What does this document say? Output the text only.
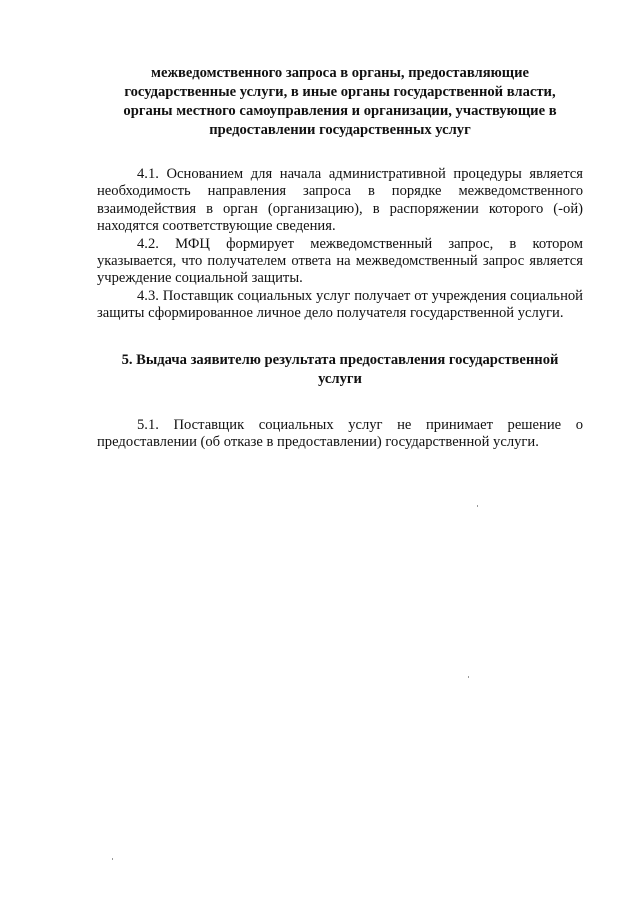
межведомственного запроса в органы, предоставляющие
государственные услуги, в иные органы государственной власти,
органы местного самоуправления и организации, участвующие в
предоставлении государственных услуг

4.1. Основанием для начала административной процедуры является необходимость направления запроса в порядке межведомственного взаимодействия в орган (организацию), в распоряжении которого (-ой) находятся соответствующие сведения.

4.2. МФЦ формирует межведомственный запрос, в котором указывается, что получателем ответа на межведомственный запрос является учреждение социальной защиты.

4.3. Поставщик социальных услуг получает от учреждения социальной защиты сформированное личное дело получателя государственной услуги.

5. Выдача заявителю результата предоставления государственной
услуги

5.1. Поставщик социальных услуг не принимает решение о предоставлении (об отказе в предоставлении) государственной услуги.
